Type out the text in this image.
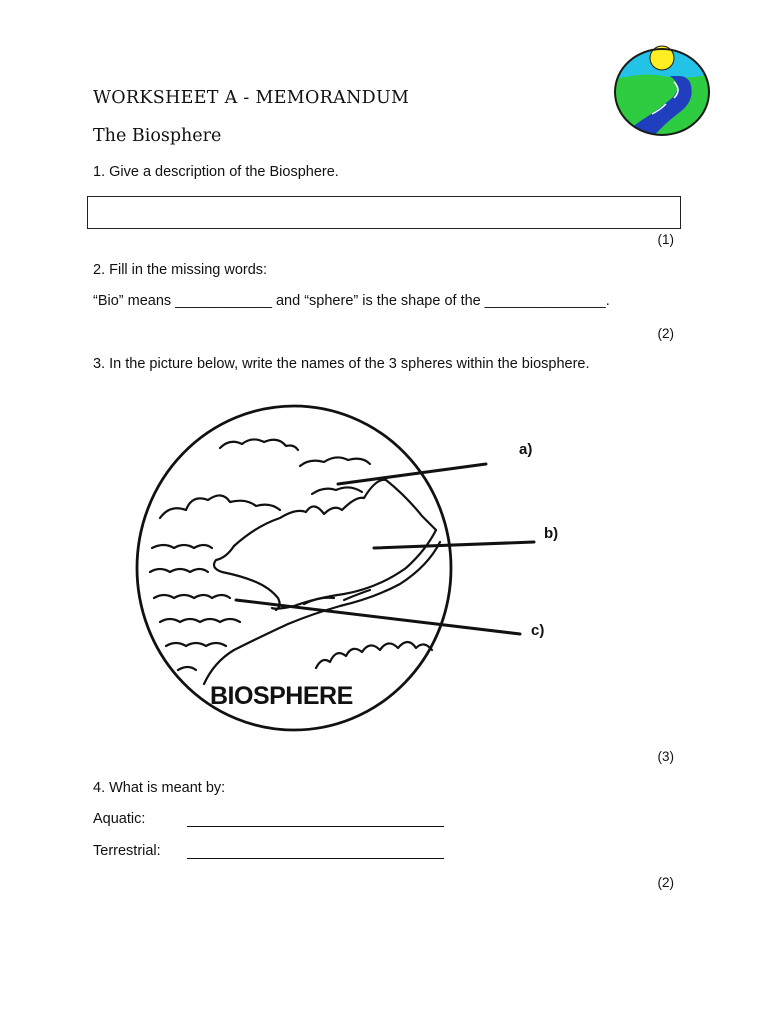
WORKSHEET A - MEMORANDUM
The Biosphere
1. Give a description of the Biosphere.
(1)
2. Fill in the missing words:
“Bio” means ____________ and “sphere” is the shape of the _______________.
(2)
3. In the picture below, write the names of the 3 spheres within the biosphere.
a)
b)
c)
BIOSPHERE
(3)
4. What is meant by:
Aquatic:
Terrestrial:
(2)
